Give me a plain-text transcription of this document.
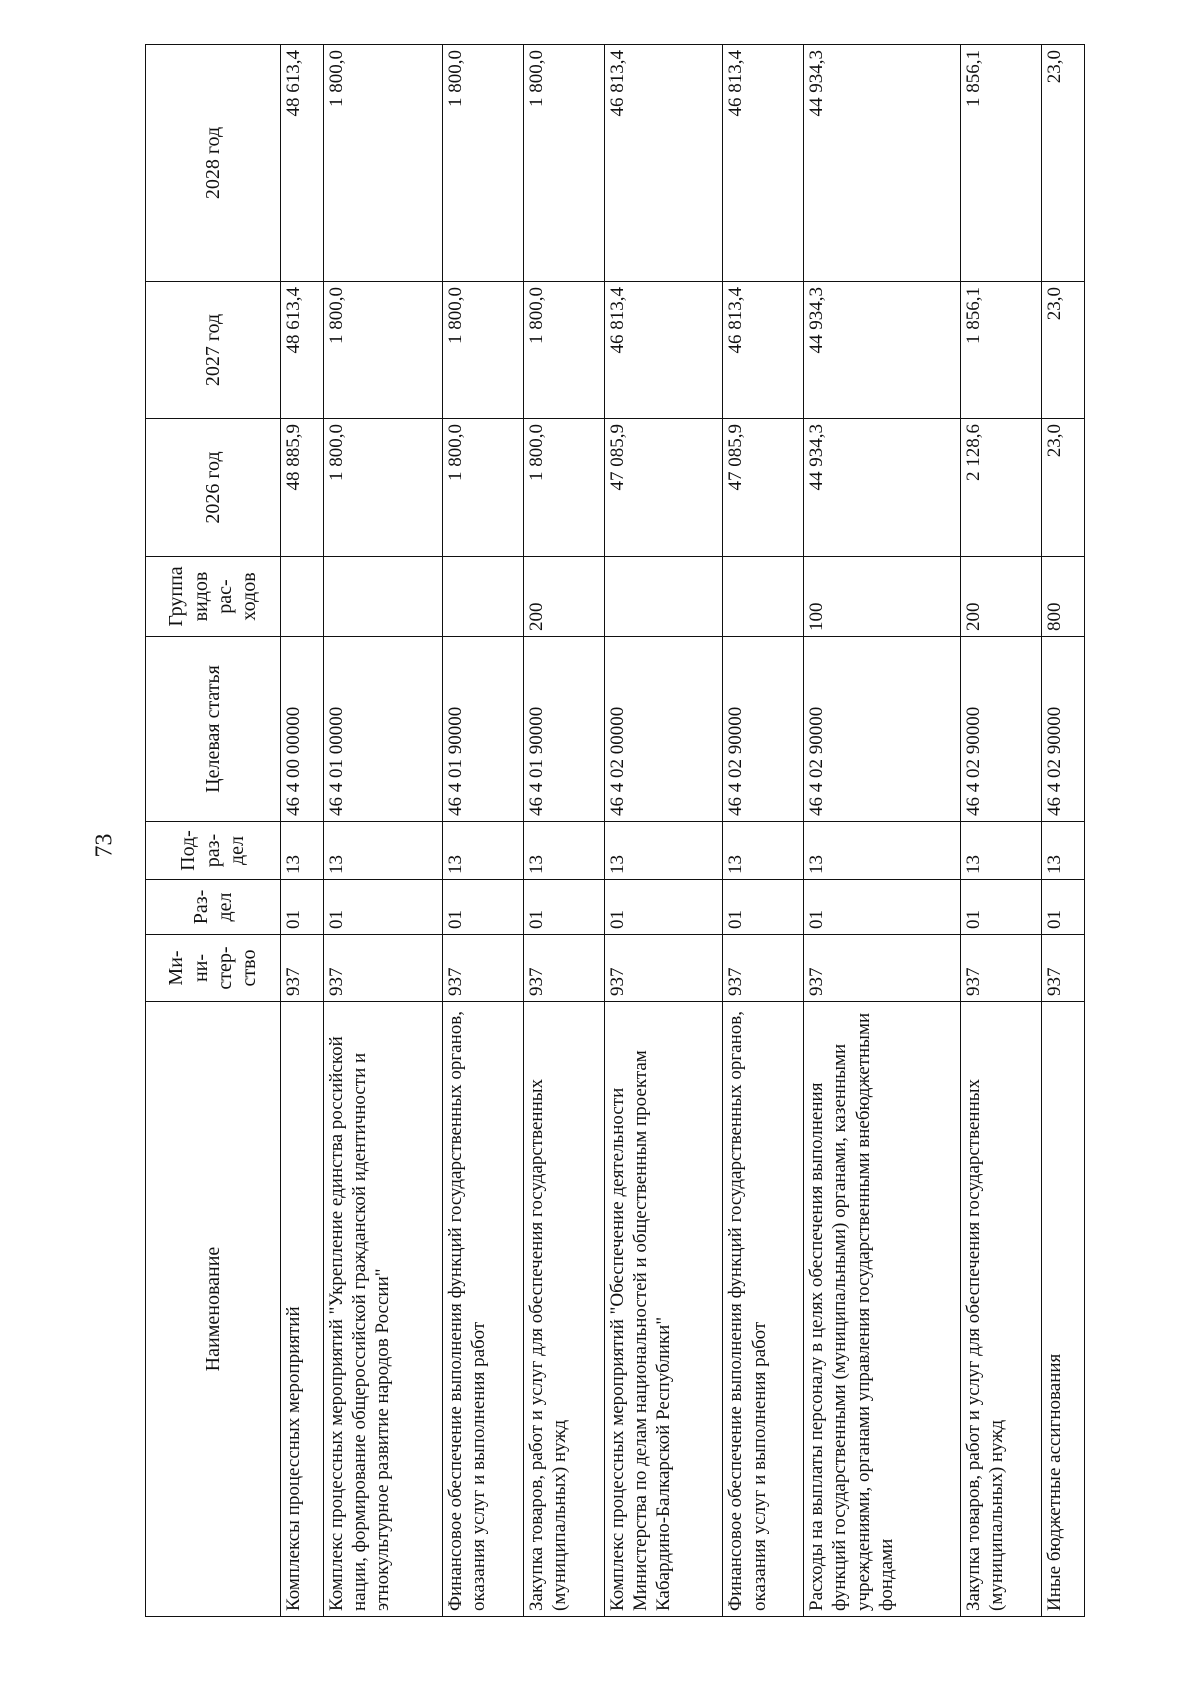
73
Наименование	Ми-ни-стер-ство	Раз-дел	Под-раз-дел	Целевая статья	Группа видов рас-ходов	2026 год	2027 год	2028 год
Комплексы процессных мероприятий	937	01	13	46 4 00 00000		48 885,9	48 613,4	48 613,4
Комплекс процессных мероприятий "Укрепление единства российской нации, формирование общероссийской гражданской идентичности и этнокультурное развитие народов России"	937	01	13	46 4 01 00000		1 800,0	1 800,0	1 800,0
Финансовое обеспечение выполнения функций государственных органов, оказания услуг и выполнения работ	937	01	13	46 4 01 90000		1 800,0	1 800,0	1 800,0
Закупка товаров, работ и услуг для обеспечения государственных (муниципальных) нужд	937	01	13	46 4 01 90000	200	1 800,0	1 800,0	1 800,0
Комплекс процессных мероприятий "Обеспечение деятельности Министерства по делам национальностей и общественным проектам Кабардино-Балкарской Республики"	937	01	13	46 4 02 00000		47 085,9	46 813,4	46 813,4
Финансовое обеспечение выполнения функций государственных органов, оказания услуг и выполнения работ	937	01	13	46 4 02 90000		47 085,9	46 813,4	46 813,4
Расходы на выплаты персоналу в целях обеспечения выполнения функций государственными (муниципальными) органами, казенными учреждениями, органами управления государственными внебюджетными фондами	937	01	13	46 4 02 90000	100	44 934,3	44 934,3	44 934,3
Закупка товаров, работ и услуг для обеспечения государственных (муниципальных) нужд	937	01	13	46 4 02 90000	200	2 128,6	1 856,1	1 856,1
Иные бюджетные ассигнования	937	01	13	46 4 02 90000	800	23,0	23,0	23,0
